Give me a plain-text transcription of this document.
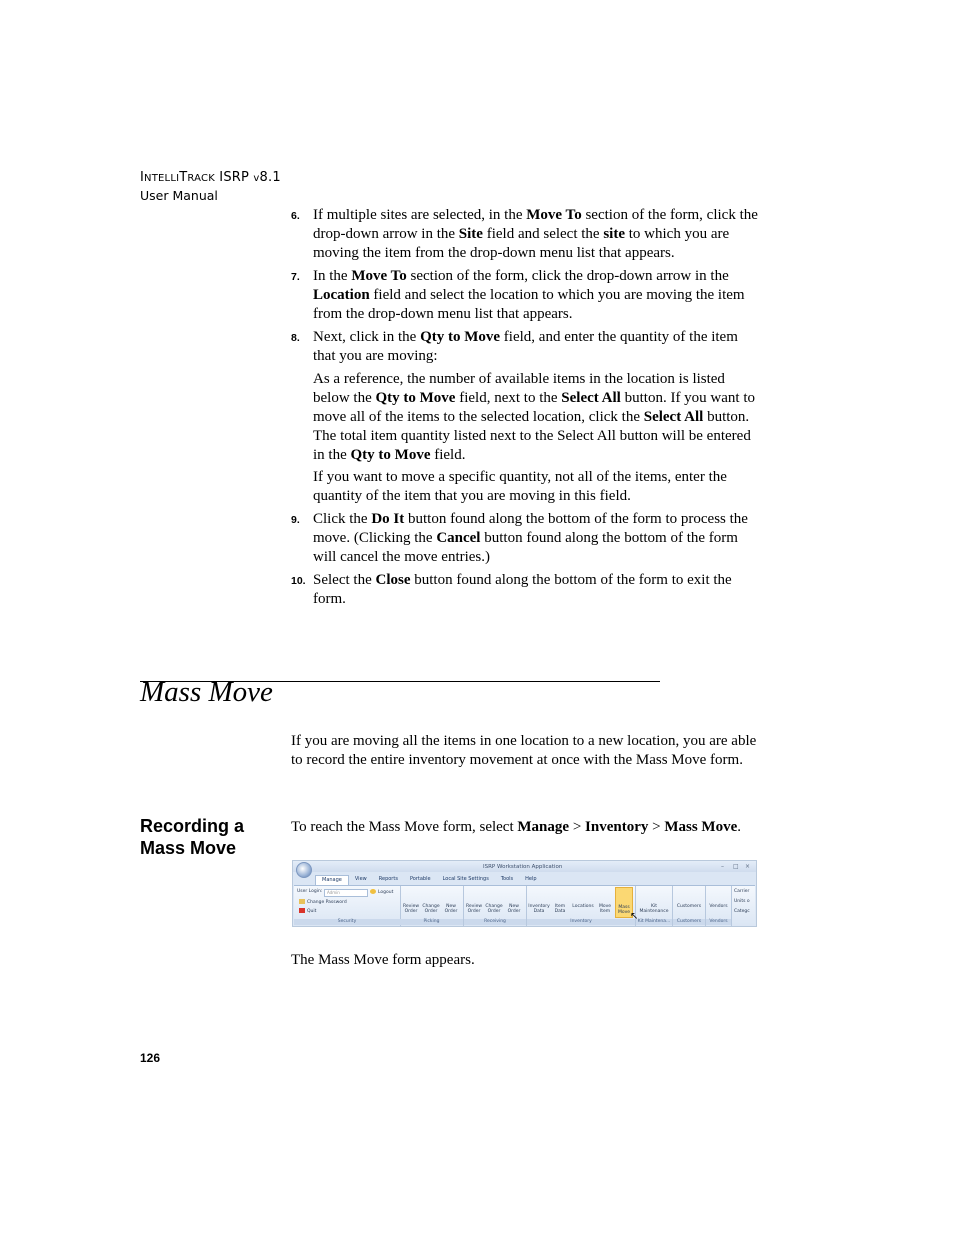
INTELLITRACK ISRP v8.1
User Manual
6. If multiple sites are selected, in the Move To section of the form, click the drop-down arrow in the Site field and select the site to which you are moving the item from the drop-down menu list that appears.
7. In the Move To section of the form, click the drop-down arrow in the Location field and select the location to which you are moving the item from the drop-down menu list that appears.
8. Next, click in the Qty to Move field, and enter the quantity of the item that you are moving:
As a reference, the number of available items in the location is listed below the Qty to Move field, next to the Select All button. If you want to move all of the items to the selected location, click the Select All button. The total item quantity listed next to the Select All button will be entered in the Qty to Move field.
If you want to move a specific quantity, not all of the items, enter the quantity of the item that you are moving in this field.
9. Click the Do It button found along the bottom of the form to process the move. (Clicking the Cancel button found along the bottom of the form will cancel the move entries.)
10. Select the Close button found along the bottom of the form to exit the form.
Mass Move
If you are moving all the items in one location to a new location, you are able to record the entire inventory movement at once with the Mass Move form.
Recording a
Mass Move
To reach the Mass Move form, select Manage > Inventory > Mass Move.
ISRP Workstation Application	– □ ×
Manage	View	Reports	Portable	Local Site Settings	Tools	Help
User Login:	Admin	Logout
Change Password
Quit
Security
Review
Order
Change
Order
New
Order
Picking
Review
Order
Change
Order
New
Order
Receiving
Inventory
Data
Item
Data
Locations	Move
Item
Mass
Move
Inventory
Kit
Maintenance
Kit Maintena...
Customers
Customers
Vendors
Vendors
Carrier
Units o
Categc
↖
The Mass Move form appears.
126
